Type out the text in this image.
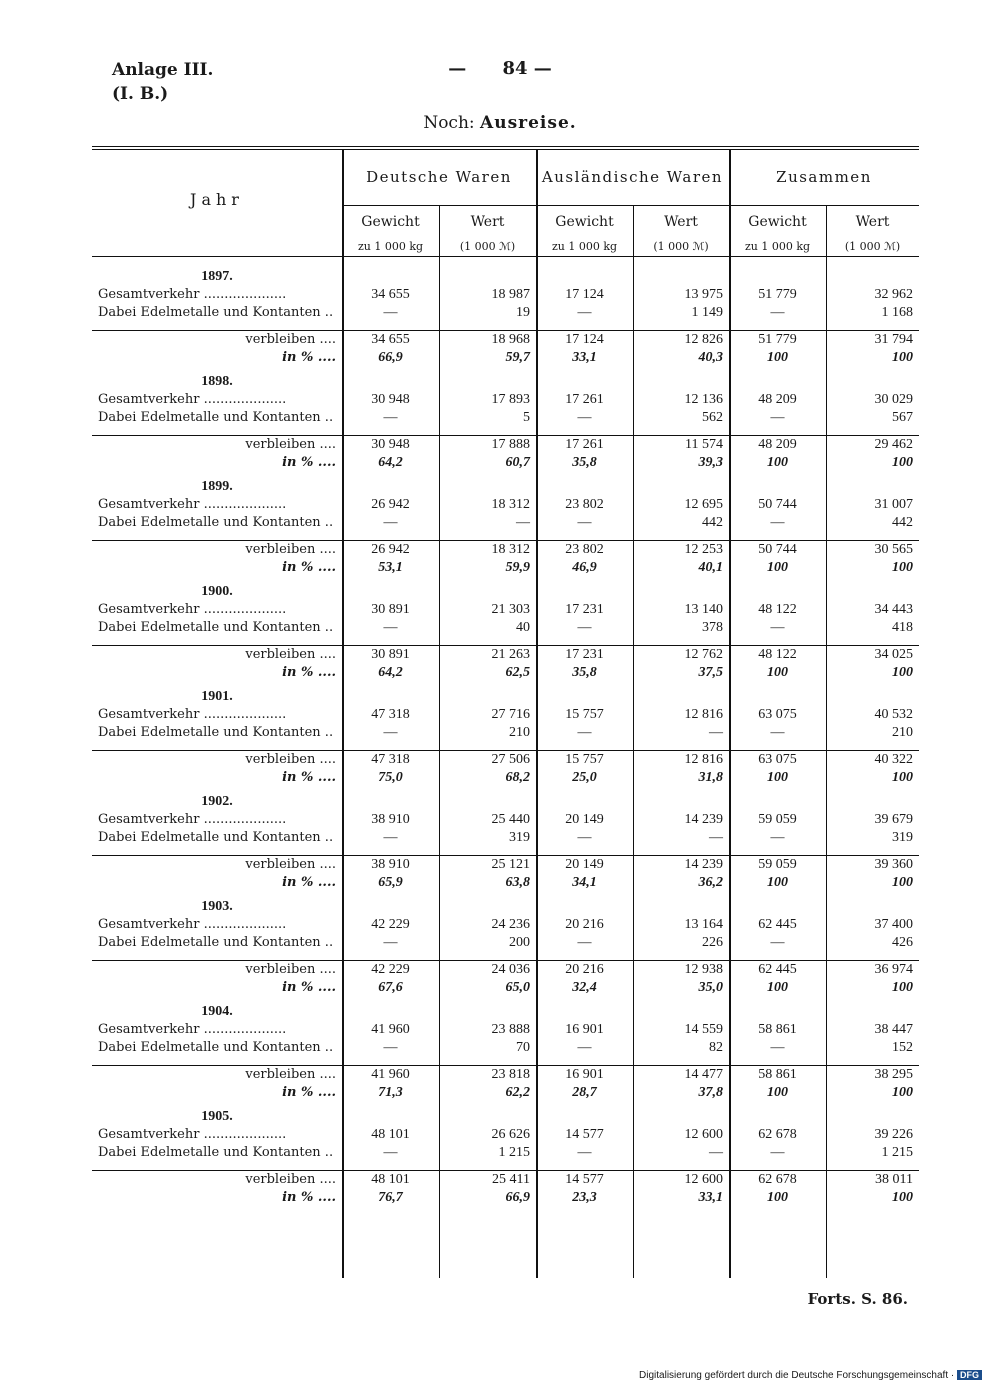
Anlage III.
(I. B.)
— 84 —
Noch: Ausreise.
Jahr
Deutsche Waren	Ausländische Waren	Zusammen
Gewicht	Wert	Gewicht	Wert	Gewicht	Wert
zu 1 000 kg	(1 000 ℳ)	zu 1 000 kg	(1 000 ℳ)	zu 1 000 kg	(1 000 ℳ)
1897.						
Gesamtverkehr ....................	34 655	18 987	17 124	13 975	51 779	32 962
Dabei Edelmetalle und Kontanten ..	—	19	—	1 149	—	1 168

verbleiben ....	34 655	18 968	17 124	12 826	51 779	31 794
in % ....	66,9	59,7	33,1	40,3	100	100
1898.						
Gesamtverkehr ....................	30 948	17 893	17 261	12 136	48 209	30 029
Dabei Edelmetalle und Kontanten ..	—	5	—	562	—	567

verbleiben ....	30 948	17 888	17 261	11 574	48 209	29 462
in % ....	64,2	60,7	35,8	39,3	100	100
1899.						
Gesamtverkehr ....................	26 942	18 312	23 802	12 695	50 744	31 007
Dabei Edelmetalle und Kontanten ..	—	—	—	442	—	442

verbleiben ....	26 942	18 312	23 802	12 253	50 744	30 565
in % ....	53,1	59,9	46,9	40,1	100	100
1900.						
Gesamtverkehr ....................	30 891	21 303	17 231	13 140	48 122	34 443
Dabei Edelmetalle und Kontanten ..	—	40	—	378	—	418

verbleiben ....	30 891	21 263	17 231	12 762	48 122	34 025
in % ....	64,2	62,5	35,8	37,5	100	100
1901.						
Gesamtverkehr ....................	47 318	27 716	15 757	12 816	63 075	40 532
Dabei Edelmetalle und Kontanten ..	—	210	—	—	—	210

verbleiben ....	47 318	27 506	15 757	12 816	63 075	40 322
in % ....	75,0	68,2	25,0	31,8	100	100
1902.						
Gesamtverkehr ....................	38 910	25 440	20 149	14 239	59 059	39 679
Dabei Edelmetalle und Kontanten ..	—	319	—	—	—	319

verbleiben ....	38 910	25 121	20 149	14 239	59 059	39 360
in % ....	65,9	63,8	34,1	36,2	100	100
1903.						
Gesamtverkehr ....................	42 229	24 236	20 216	13 164	62 445	37 400
Dabei Edelmetalle und Kontanten ..	—	200	—	226	—	426

verbleiben ....	42 229	24 036	20 216	12 938	62 445	36 974
in % ....	67,6	65,0	32,4	35,0	100	100
1904.						
Gesamtverkehr ....................	41 960	23 888	16 901	14 559	58 861	38 447
Dabei Edelmetalle und Kontanten ..	—	70	—	82	—	152

verbleiben ....	41 960	23 818	16 901	14 477	58 861	38 295
in % ....	71,3	62,2	28,7	37,8	100	100
1905.						
Gesamtverkehr ....................	48 101	26 626	14 577	12 600	62 678	39 226
Dabei Edelmetalle und Kontanten ..	—	1 215	—	—	—	1 215

verbleiben ....	48 101	25 411	14 577	12 600	62 678	38 011
in % ....	76,7	66,9	23,3	33,1	100	100
Forts. S. 86.
Digitalisierung gefördert durch die Deutsche Forschungsgemeinschaft · DFG
